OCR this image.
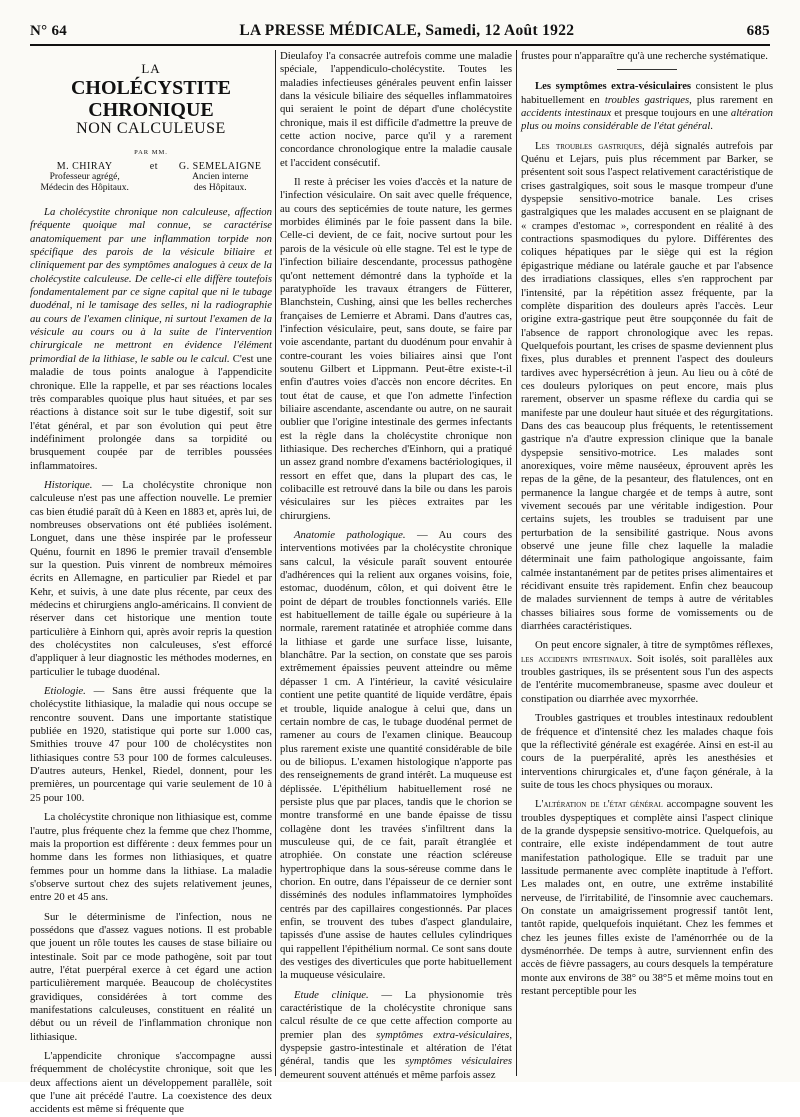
N° 64	LA PRESSE MÉDICALE, Samedi, 12 Août 1922	685
LA
CHOLÉCYSTITE CHRONIQUE
NON CALCULEUSE
PAR MM.
M. CHIRAY
Professeur agrégé,
Médecin des Hôpitaux.
et G. SEMELAIGNE
Ancien interne
des Hôpitaux.

La cholécystite chronique non calculeuse, affection fréquente quoique mal connue, se caractérise anatomiquement par une inflammation torpide non spécifique des parois de la vésicule biliaire et cliniquement par des symptômes analogues à ceux de la cholécystite calculeuse. De celle-ci elle diffère toutefois fondamentalement par ce signe capital que ni le tubage duodénal, ni le tamisage des selles, ni la radiographie au cours de l'examen clinique, ni surtout l'examen de la vésicule au cours ou à la suite de l'intervention chirurgicale ne mettront en évidence l'élément primordial de la lithiase, le sable ou le calcul. C'est une maladie de tous points analogue à l'appendicite chronique. Elle la rappelle, et par ses réactions locales très comparables quoique plus haut situées, et par ses réactions à distance soit sur le tube digestif, soit sur l'état général, et par son évolution qui peut être indéfiniment prolongée dans sa torpidité ou brusquement coupée par de terribles poussées inflammatoires.

Historique. — La cholécystite chronique non calculeuse n'est pas une affection nouvelle. Le premier cas bien étudié paraît dû à Keen en 1883 et, après lui, de nombreuses observations ont été publiées isolément. Longuet, dans une thèse inspirée par le professeur Quénu, fournit en 1896 le premier travail d'ensemble sur la question. Puis vinrent de nombreux mémoires écrits en Allemagne, en particulier par Riedel et par Kehr, et suivis, à une date plus récente, par ceux des médecins et chirurgiens anglo-américains. Il convient de réserver dans cet historique une mention toute particulière à Einhorn qui, après avoir repris la question des cholécystites non calculeuses, s'est efforcé d'appliquer à leur diagnostic les méthodes modernes, en particulier le tubage duodénal.

Etiologie. — Sans être aussi fréquente que la cholécystite lithiasique, la maladie qui nous occupe se rencontre souvent. Dans une importante statistique publiée en 1920, statistique qui porte sur 1.000 cas, Smithies trouve 47 pour 100 de cholécystites non lithiasiques contre 53 pour 100 de formes calculeuses. D'autres auteurs, Henkel, Riedel, donnent, pour les premières, un pourcentage qui varie seulement de 10 à 25 pour 100.

La cholécystite chronique non lithiasique est, comme l'autre, plus fréquente chez la femme que chez l'homme, mais la proportion est différente : deux femmes pour un homme dans les formes non lithiasiques, et quatre femmes pour un homme dans la lithiase. La maladie s'observe surtout chez des sujets relativement jeunes, entre 20 et 45 ans.

Sur le déterminisme de l'infection, nous ne possédons que d'assez vagues notions. Il est probable que jouent un rôle toutes les causes de stase biliaire ou intestinale. Soit par ce mode pathogène, soit par tout autre, l'état puerpéral exerce à cet égard une action particulièrement marquée. Beaucoup de cholécystites gravidiques, considérées à tort comme des manifestations calculeuses, constituent en réalité un début ou un réveil de l'inflammation chronique non lithiasique.

L'appendicite chronique s'accompagne aussi fréquemment de cholécystite chronique, soit que les deux affections aient un développement parallèle, soit que l'une ait précédé l'autre. La coexistence des deux accidents est même si fréquente que

Dieulafoy l'a consacrée autrefois comme une maladie spéciale, l'appendiculo-cholécystite. Toutes les maladies infectieuses générales peuvent enfin laisser dans la vésicule biliaire des séquelles inflammatoires qui seraient le point de départ d'une cholécystite chronique, mais il est difficile d'admettre la preuve de cette action nocive, parce qu'il y a rarement concordance chronologique entre la maladie causale et l'accident consécutif.

Il reste à préciser les voies d'accès et la nature de l'infection vésiculaire. On sait avec quelle fréquence, au cours des septicémies de toute nature, les germes morbides éliminés par le foie passent dans la bile. Celle-ci devient, de ce fait, nocive surtout pour les parois de la vésicule où elle stagne. Tel est le type de l'infection biliaire descendante, processus pathogène qu'ont nettement démontré dans la typhoïde et la paratyphoïde les travaux étrangers de Fütterer, Blanchstein, Cushing, ainsi que les belles recherches françaises de Lemierre et Abrami. Dans d'autres cas, l'infection vésiculaire, peut, sans doute, se faire par voie ascendante, partant du duodénum pour envahir à contre-courant les voies biliaires ainsi que l'ont soutenu Gilbert et Lippmann. Peut-être existe-t-il enfin d'autres voies d'accès non encore décrites. En tout état de cause, et que l'on admette l'infection biliaire ascendante, ascendante ou autre, on ne saurait oublier que l'origine intestinale des germes infectants est la règle dans la cholécystite chronique non lithiasique. Des recherches d'Einhorn, qui a pratiqué un assez grand nombre d'examens bactériologiques, il ressort en effet que, dans la plupart des cas, le colibacille est retrouvé dans la bile ou dans les parois vésiculaires sur les pièces extraites par les chirurgiens.

Anatomie pathologique. — Au cours des interventions motivées par la cholécystite chronique sans calcul, la vésicule paraît souvent entourée d'adhérences qui la relient aux organes voisins, foie, estomac, duodénum, côlon, et qui doivent être le point de départ de troubles fonctionnels variés. Elle est habituellement de taille égale ou supérieure à la normale, rarement ratatinée et atrophiée comme dans la lithiase et garde une surface lisse, luisante, blanchâtre. Par la section, on constate que ses parois extrêmement épaissies peuvent atteindre ou même dépasser 1 cm. A l'intérieur, la cavité vésiculaire contient une petite quantité de liquide verdâtre, épais et trouble, liquide analogue à celui que, dans un certain nombre de cas, le tubage duodénal permet de ramener au cours de l'examen clinique. Beaucoup plus rarement existe une quantité considérable de bile ou de biliopus. L'examen histologique n'apporte pas des renseignements de grand intérêt. La muqueuse est déplissée. L'épithélium habituellement rosé ne persiste plus que par places, tandis que le chorion se montre transformé en une bande épaisse de tissu collagène dont les travées s'infiltrent dans la musculeuse qui, de ce fait, paraît étranglée et atrophiée. On constate une réaction scléreuse hypertrophique dans la sous-séreuse comme dans le chorion. En outre, dans l'épaisseur de ce dernier sont disséminés des nodules inflammatoires lymphoïdes centrés par des capillaires congestionnés. Par places enfin, se trouvent des tubes d'aspect glandulaire, tapissés d'une assise de hautes cellules cylindriques qui rappellent l'épithélium normal. Ce sont sans doute des vestiges des diverticules que porte habituellement la muqueuse vésiculaire.

Etude clinique. — La physionomie très caractéristique de la cholécystite chronique sans calcul résulte de ce que cette affection comporte au premier plan des symptômes extra-vésiculaires, dyspepsie gastro-intestinale et altération de l'état général, tandis que les symptômes vésiculaires demeurent souvent atténués et même parfois assez

frustes pour n'apparaître qu'à une recherche systématique.

Les symptômes extra-vésiculaires consistent le plus habituellement en troubles gastriques, plus rarement en accidents intestinaux et presque toujours en une altération plus ou moins considérable de l'état général.

Les troubles gastriques, déjà signalés autrefois par Quénu et Lejars, puis plus récemment par Barker, se présentent soit sous l'aspect relativement caractéristique de crises gastralgiques, soit sous le masque trompeur d'une dyspepsie sensitivo-motrice banale. Les crises gastralgiques que les malades accusent en se plaignant de « crampes d'estomac », correspondent en réalité à des contractions spasmodiques du pylore. Différentes des coliques hépatiques par le siège qui est la région épigastrique médiane ou latérale gauche et par l'absence des irradiations classiques, elles s'en rapprochent par l'intensité, par la répétition assez fréquente, par la complète disparition des douleurs après l'accès. Leur origine extra-gastrique peut être soupçonnée du fait de l'absence de rapport chronologique avec les repas. Quelquefois pourtant, les crises de spasme deviennent plus fixes, plus durables et prennent l'aspect des douleurs tardives avec hypersécrétion à jeun. Au lieu ou à côté de ces douleurs pyloriques on peut encore, mais plus rarement, observer un spasme réflexe du cardia qui se manifeste par une douleur haut située et des régurgitations. Dans des cas beaucoup plus fréquents, le retentissement gastrique n'a d'autre expression clinique que la banale dyspepsie sensitivo-motrice. Les malades sont anorexiques, voire même nauséeux, éprouvent après les repas de la gêne, de la pesanteur, des flatulences, ont en permanence la langue chargée et de temps à autre, sont vivement secoués par une véritable indigestion. Pour certains sujets, les troubles se traduisent par une perturbation de la sensibilité gastrique. Nous avons observé une jeune fille chez laquelle la maladie déterminait une faim pathologique angoissante, faim calmée instantanément par de petites prises alimentaires et récidivant ensuite très rapidement. Enfin chez beaucoup de malades surviennent de temps à autre de véritables chasses biliaires sous forme de vomissements ou de diarrhées caractéristiques.

On peut encore signaler, à titre de symptômes réflexes, les accidents intestinaux. Soit isolés, soit parallèles aux troubles gastriques, ils se présentent sous l'un des aspects de l'entérite mucomembraneuse, spasme avec douleur et constipation ou diarrhée avec myxorrhée.

Troubles gastriques et troubles intestinaux redoublent de fréquence et d'intensité chez les malades chaque fois que la réflectivité générale est exagérée. Ainsi en est-il au cours de la puerpéralité, après les anesthésies et interventions chirurgicales et, d'une façon générale, à la suite de tous les chocs physiques ou moraux.

L'altération de l'état général accompagne souvent les troubles dyspeptiques et complète ainsi l'aspect clinique de la grande dyspepsie sensitivo-motrice. Quelquefois, au contraire, elle existe indépendamment de tout autre manifestation pathologique. Elle se traduit par une lassitude permanente avec complète inaptitude à l'effort. Les malades ont, en outre, une extrême instabilité nerveuse, de l'irritabilité, de l'insomnie avec cauchemars. On constate un amaigrissement progressif tantôt lent, tantôt rapide, quelquefois inquiétant. Chez les femmes et chez les jeunes filles existe de l'aménorrhée ou de la dysménorrhée. De temps à autre, surviennent enfin des accès de fièvre passagers, au cours desquels la température monte aux environs de 38° ou 38°5 et même moins tout en restant perceptible pour les
